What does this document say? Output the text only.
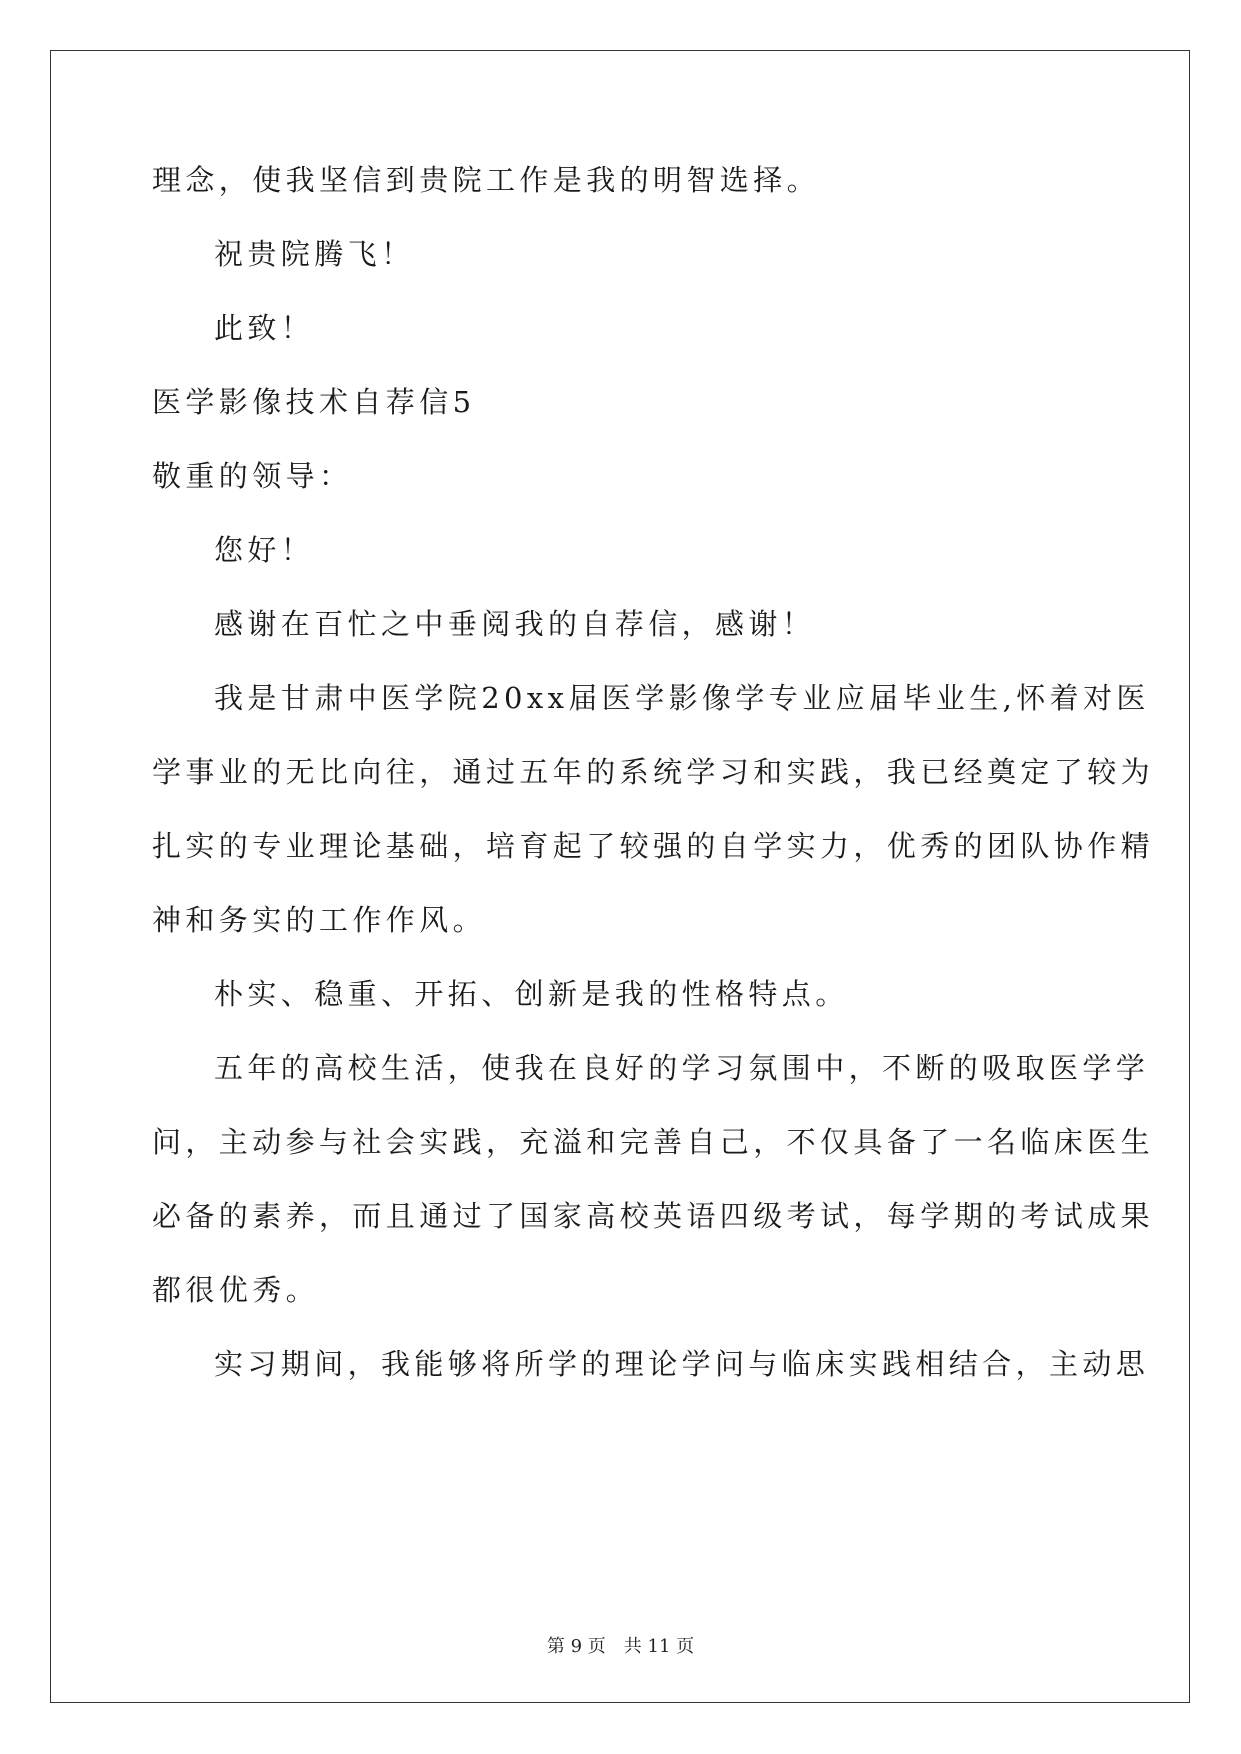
理念，使我坚信到贵院工作是我的明智选择。
祝贵院腾飞！
此致！
医学影像技术自荐信5
敬重的领导：
您好！
感谢在百忙之中垂阅我的自荐信，感谢！
我是甘肃中医学院20xx届医学影像学专业应届毕业生,怀着对医
学事业的无比向往，通过五年的系统学习和实践，我已经奠定了较为
扎实的专业理论基础，培育起了较强的自学实力，优秀的团队协作精
神和务实的工作作风。
朴实、稳重、开拓、创新是我的性格特点。
五年的高校生活，使我在良好的学习氛围中，不断的吸取医学学
问，主动参与社会实践，充溢和完善自己，不仅具备了一名临床医生
必备的素养，而且通过了国家高校英语四级考试，每学期的考试成果
都很优秀。
实习期间，我能够将所学的理论学问与临床实践相结合，主动思
第 9 页　共 11 页
